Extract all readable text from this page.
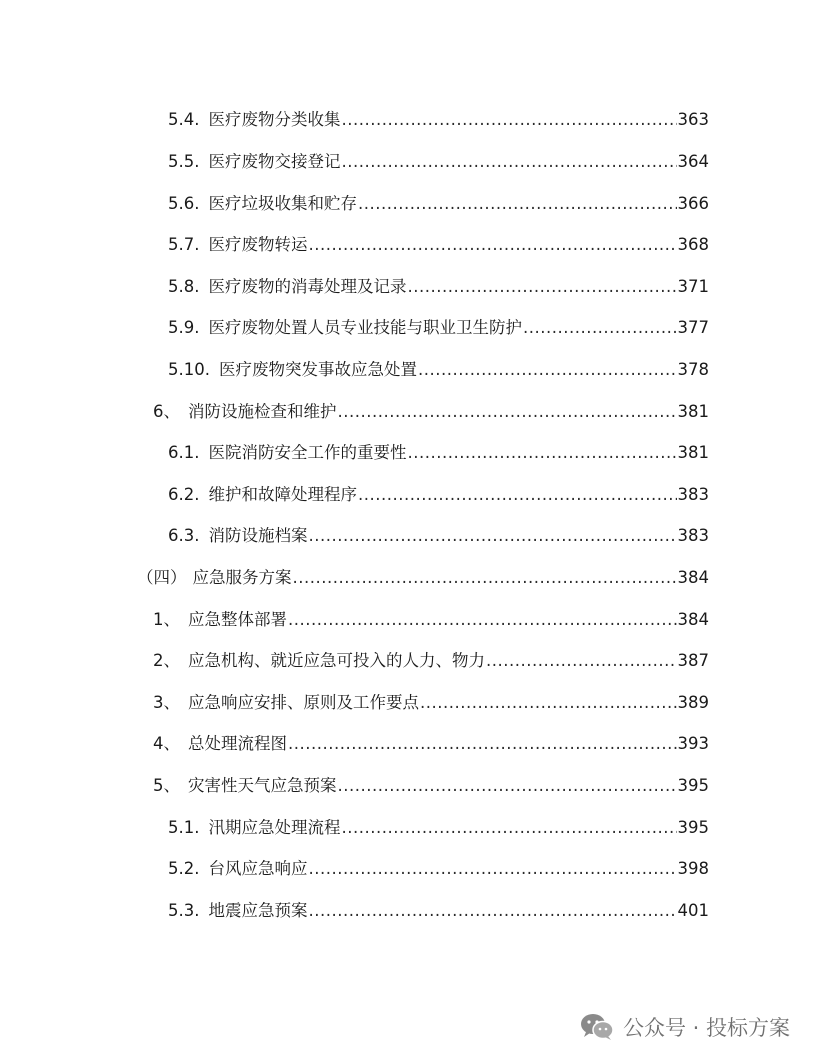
5.4. 医疗废物分类收集 .....	363
5.5. 医疗废物交接登记 .....	364
5.6. 医疗垃圾收集和贮存 .....	366
5.7. 医疗废物转运 .....	368
5.8. 医疗废物的消毒处理及记录 .....	371
5.9. 医疗废物处置人员专业技能与职业卫生防护 .....	377
5.10. 医疗废物突发事故应急处置 .....	378
6、 消防设施检查和维护 .....	381
6.1. 医院消防安全工作的重要性 .....	381
6.2. 维护和故障处理程序 .....	383
6.3. 消防设施档案 .....	383
（四） 应急服务方案 .....	384
1、 应急整体部署 .....	384
2、 应急机构、就近应急可投入的人力、物力 .....	387
3、 应急响应安排、原则及工作要点 .....	389
4、 总处理流程图 .....	393
5、 灾害性天气应急预案 .....	395
5.1. 汛期应急处理流程 .....	395
5.2. 台风应急响应 .....	398
5.3. 地震应急预案 .....	401
公众号 · 投标方案
